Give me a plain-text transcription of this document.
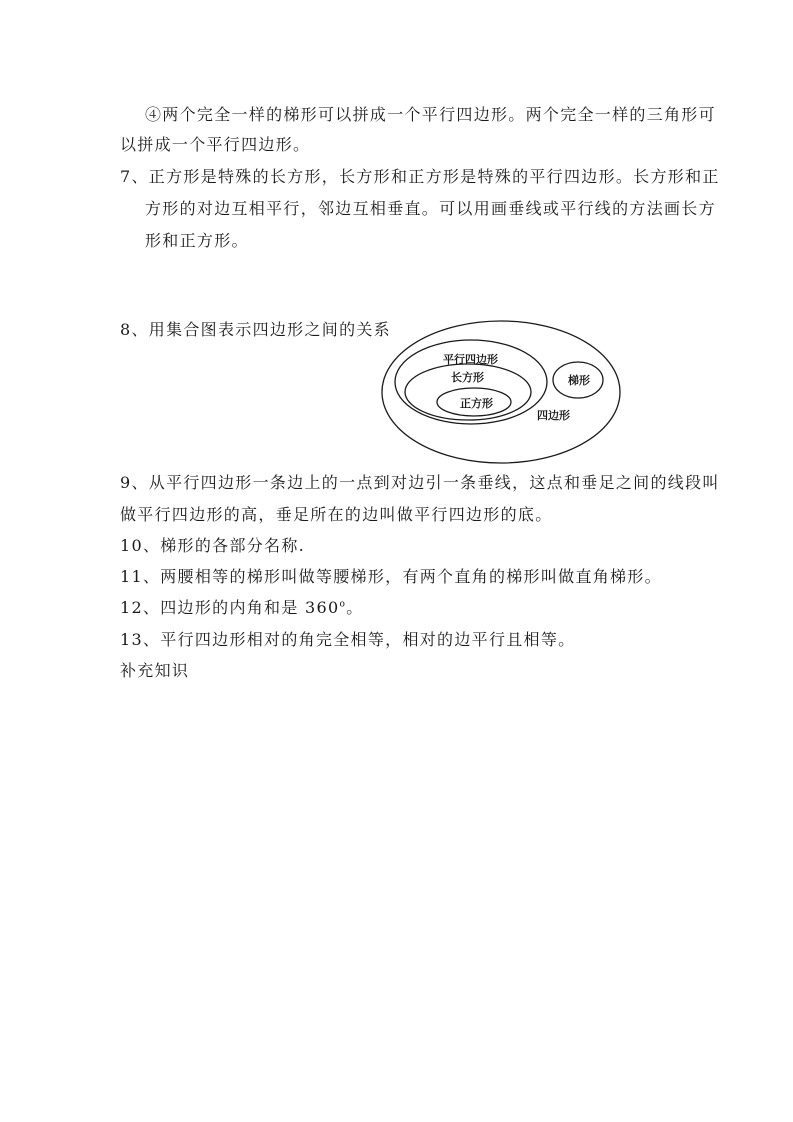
④两个完全一样的梯形可以拼成一个平行四边形。两个完全一样的三角形可
以拼成一个平行四边形。
7、正方形是特殊的长方形，长方形和正方形是特殊的平行四边形。长方形和正
方形的对边互相平行，邻边互相垂直。可以用画垂线或平行线的方法画长方
形和正方形。
8、用集合图表示四边形之间的关系
平行四边形
长方形
正方形
梯形
四边形
9、从平行四边形一条边上的一点到对边引一条垂线，这点和垂足之间的线段叫
做平行四边形的高，垂足所在的边叫做平行四边形的底。
10、梯形的各部分名称.
11、两腰相等的梯形叫做等腰梯形，有两个直角的梯形叫做直角梯形。
12、四边形的内角和是 360$^o$。
13、平行四边形相对的角完全相等，相对的边平行且相等。
补充知识
